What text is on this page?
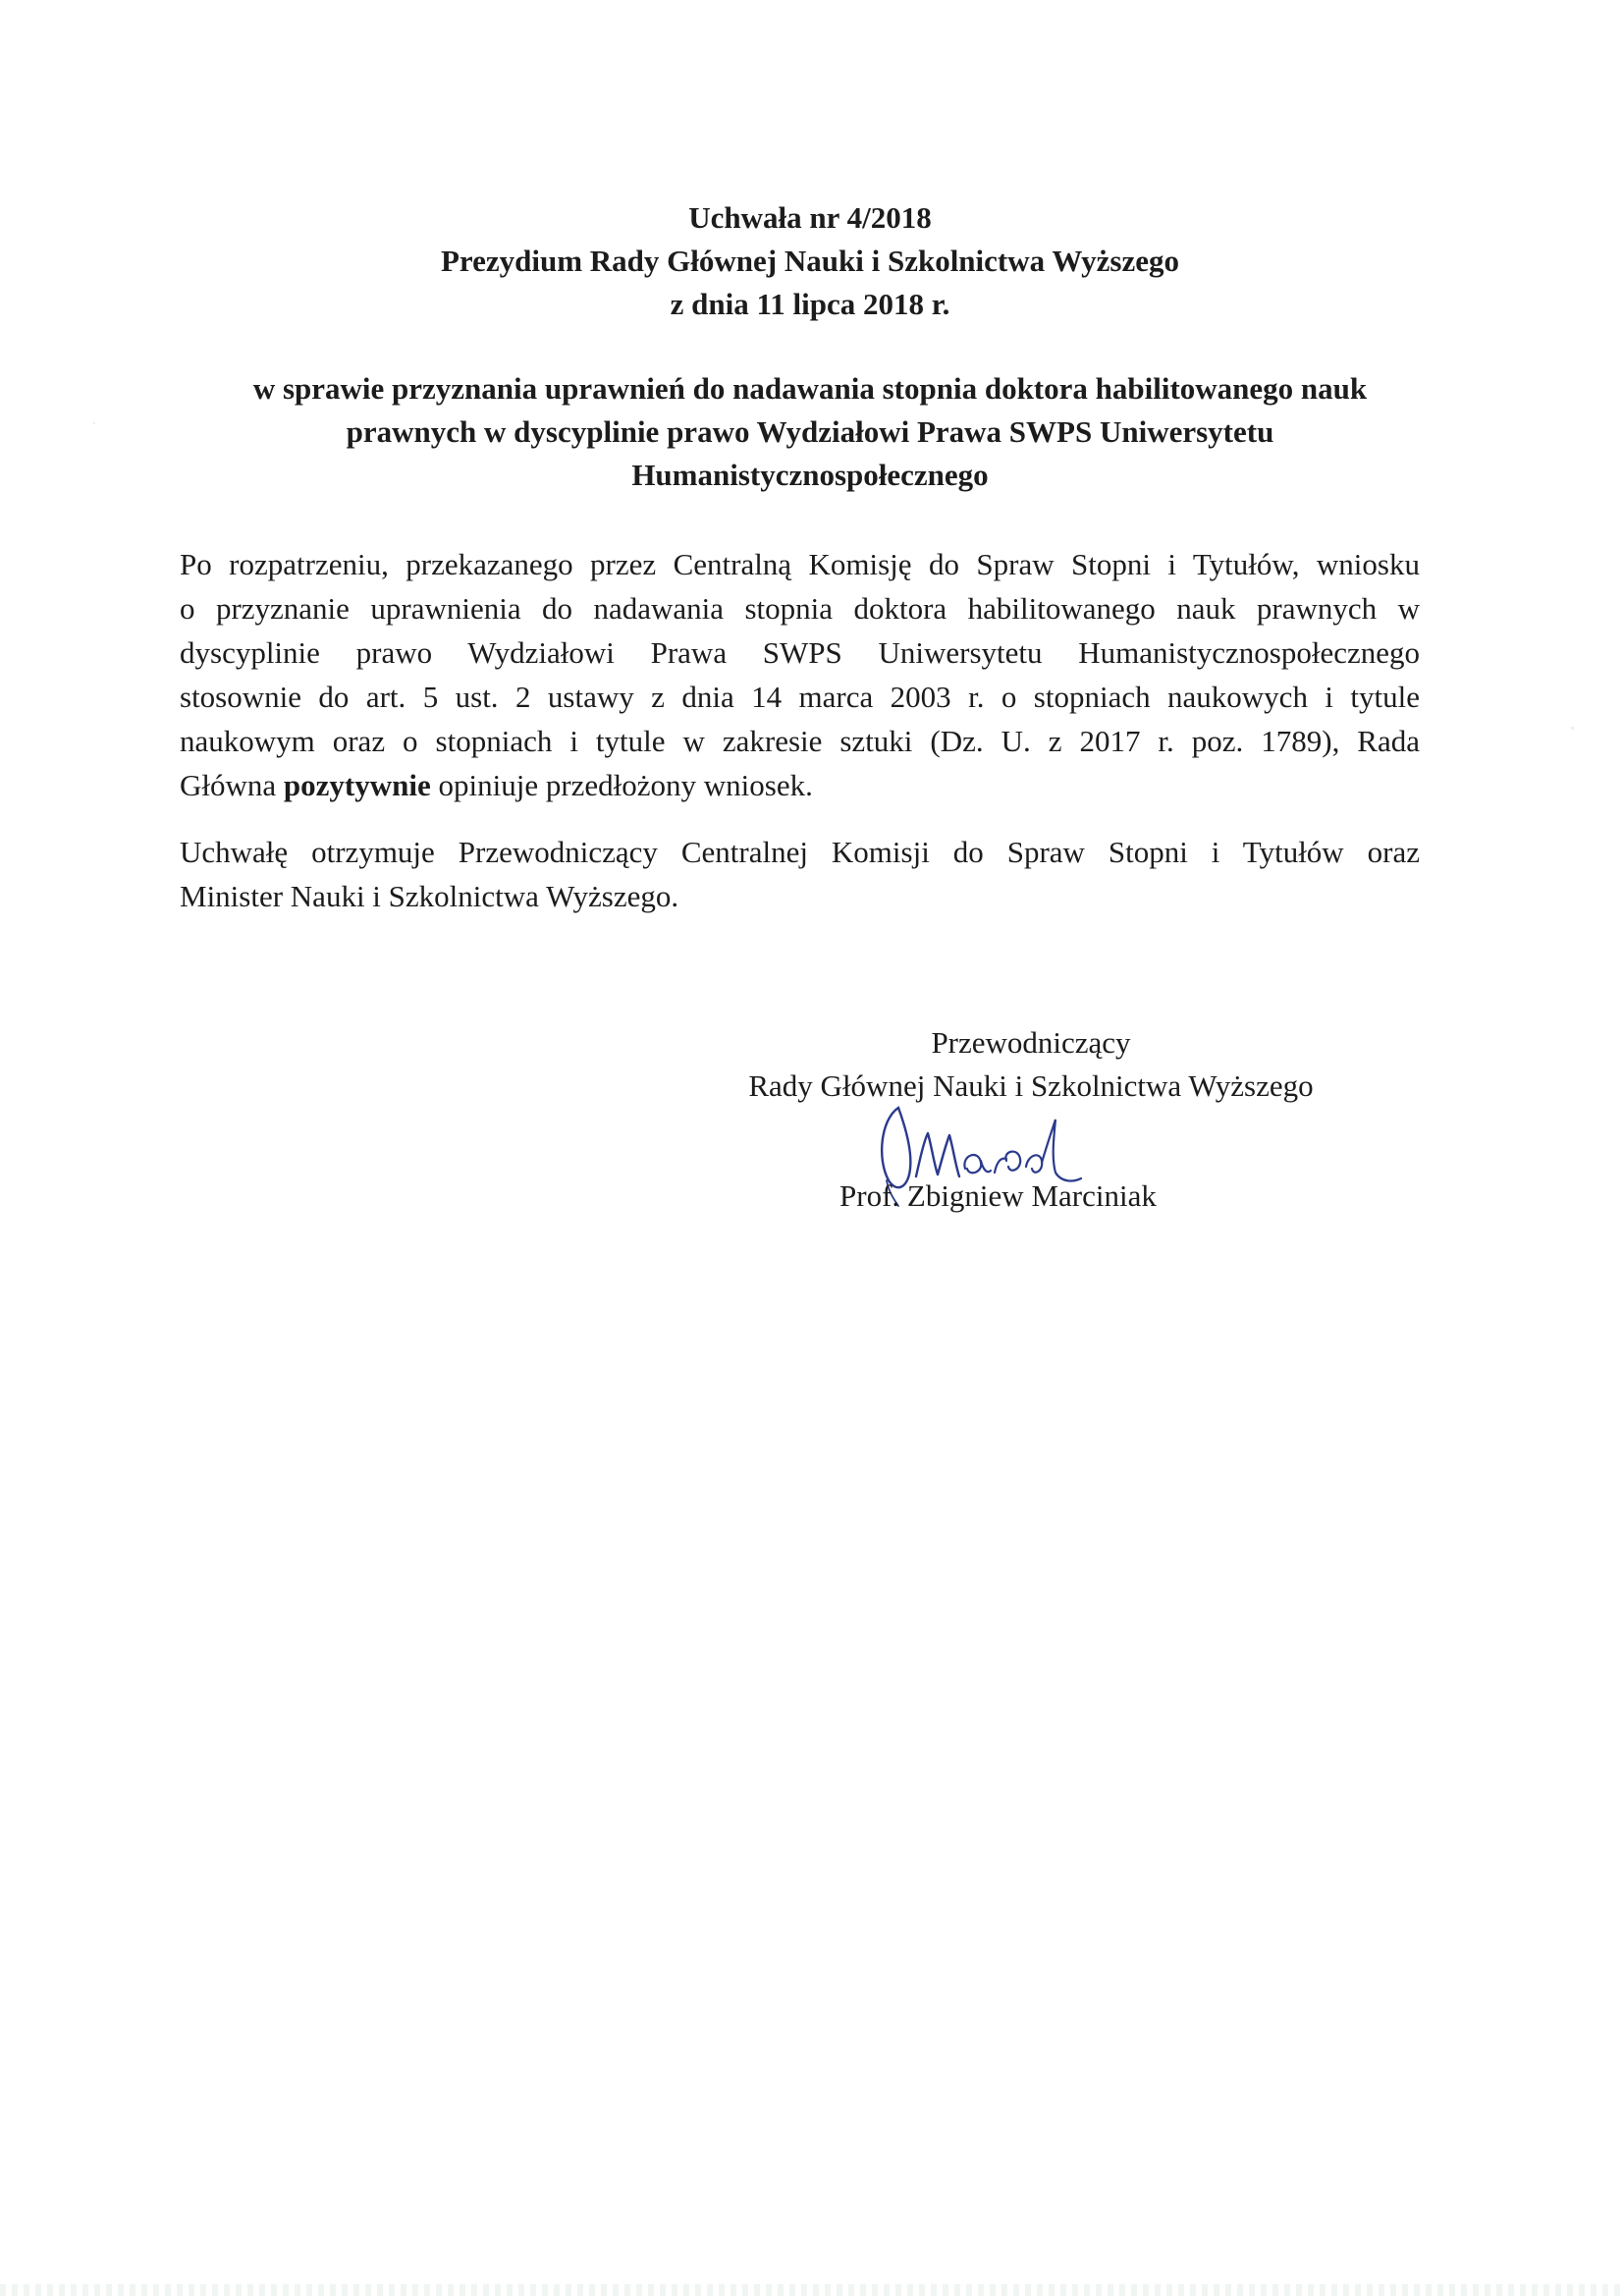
Uchwała nr 4/2018
Prezydium Rady Głównej Nauki i Szkolnictwa Wyższego
z dnia 11 lipca 2018 r.
w sprawie przyznania uprawnień do nadawania stopnia doktora habilitowanego nauk
prawnych w dyscyplinie prawo Wydziałowi Prawa SWPS Uniwersytetu
Humanistycznospołecznego

Po rozpatrzeniu, przekazanego przez Centralną Komisję do Spraw Stopni i Tytułów, wniosku
o przyznanie uprawnienia do nadawania stopnia doktora habilitowanego nauk prawnych w
dyscyplinie prawo Wydziałowi Prawa SWPS Uniwersytetu Humanistycznospołecznego
stosownie do art. 5 ust. 2 ustawy z dnia 14 marca 2003 r. o stopniach naukowych i tytule
naukowym oraz o stopniach i tytule w zakresie sztuki (Dz. U. z 2017 r. poz. 1789), Rada
Główna pozytywnie opiniuje przedłożony wniosek.

Uchwałę otrzymuje Przewodniczący Centralnej Komisji do Spraw Stopni i Tytułów oraz
Minister Nauki i Szkolnictwa Wyższego.

Przewodniczący
Rady Głównej Nauki i Szkolnictwa Wyższego
Prof. Zbigniew Marciniak
